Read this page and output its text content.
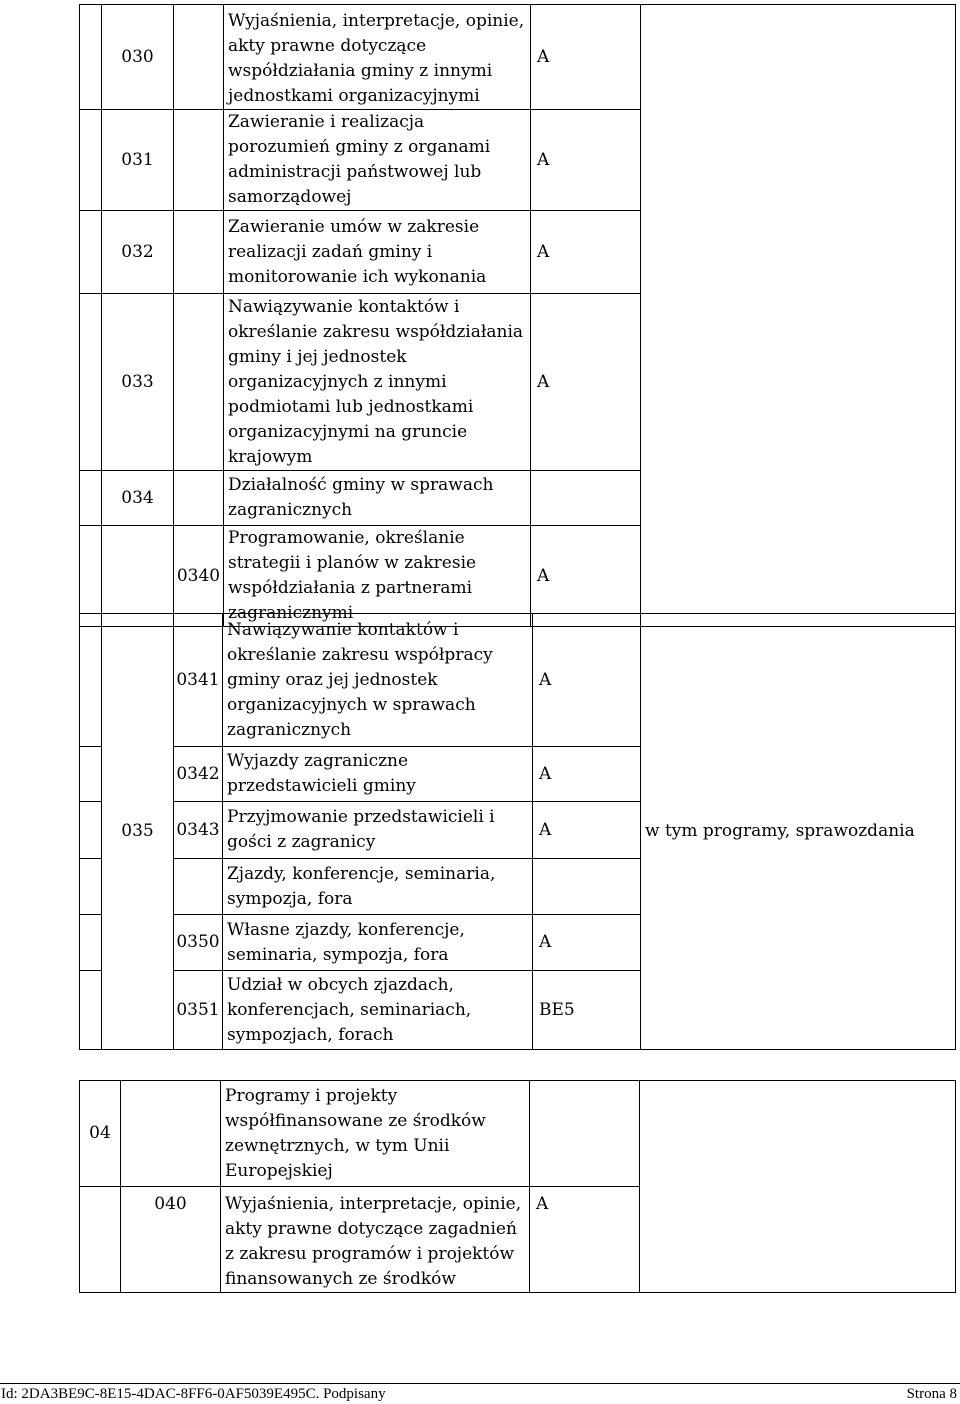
	030		Wyjaśnienia, interpretacje, opinie, akty prawne dotyczące współdziałania gminy z innymi jednostkami organizacyjnymi	A	
	031		Zawieranie i realizacja porozumień gminy z organami administracji państwowej lub samorządowej	A	
	032		Zawieranie umów w zakresie realizacji zadań gminy i monitorowanie ich wykonania	A	
	033		Nawiązywanie kontaktów i określanie zakresu współdziałania gminy i jej jednostek organizacyjnych z innymi podmiotami lub jednostkami organizacyjnymi na gruncie krajowym	A	
	034		Działalność gminy w sprawach zagranicznych		
		0340	Programowanie, określanie strategii i planów w zakresie współdziałania z partnerami zagranicznymi	A	
	035	0341	Nawiązywanie kontaktów i określanie zakresu współpracy gminy oraz jej jednostek organizacyjnych w sprawach zagranicznych	A	w tym programy, sprawozdania
		0342	Wyjazdy zagraniczne przedstawicieli gminy	A	
		0343	Przyjmowanie przedstawicieli i gości z zagranicy	A	
			Zjazdy, konferencje, seminaria, sympozja, fora		
		0350	Własne zjazdy, konferencje, seminaria, sympozja, fora	A	
		0351	Udział w obcych zjazdach, konferencjach, seminariach, sympozjach, forach	BE5	
04		Programy i projekty współfinansowane ze środków zewnętrznych, w tym Unii Europejskiej		
	040	Wyjaśnienia, interpretacje, opinie, akty prawne dotyczące zagadnień z zakresu programów i projektów finansowanych ze środków	A	
Id: 2DA3BE9C-8E15-4DAC-8FF6-0AF5039E495C. Podpisany	Strona 8
